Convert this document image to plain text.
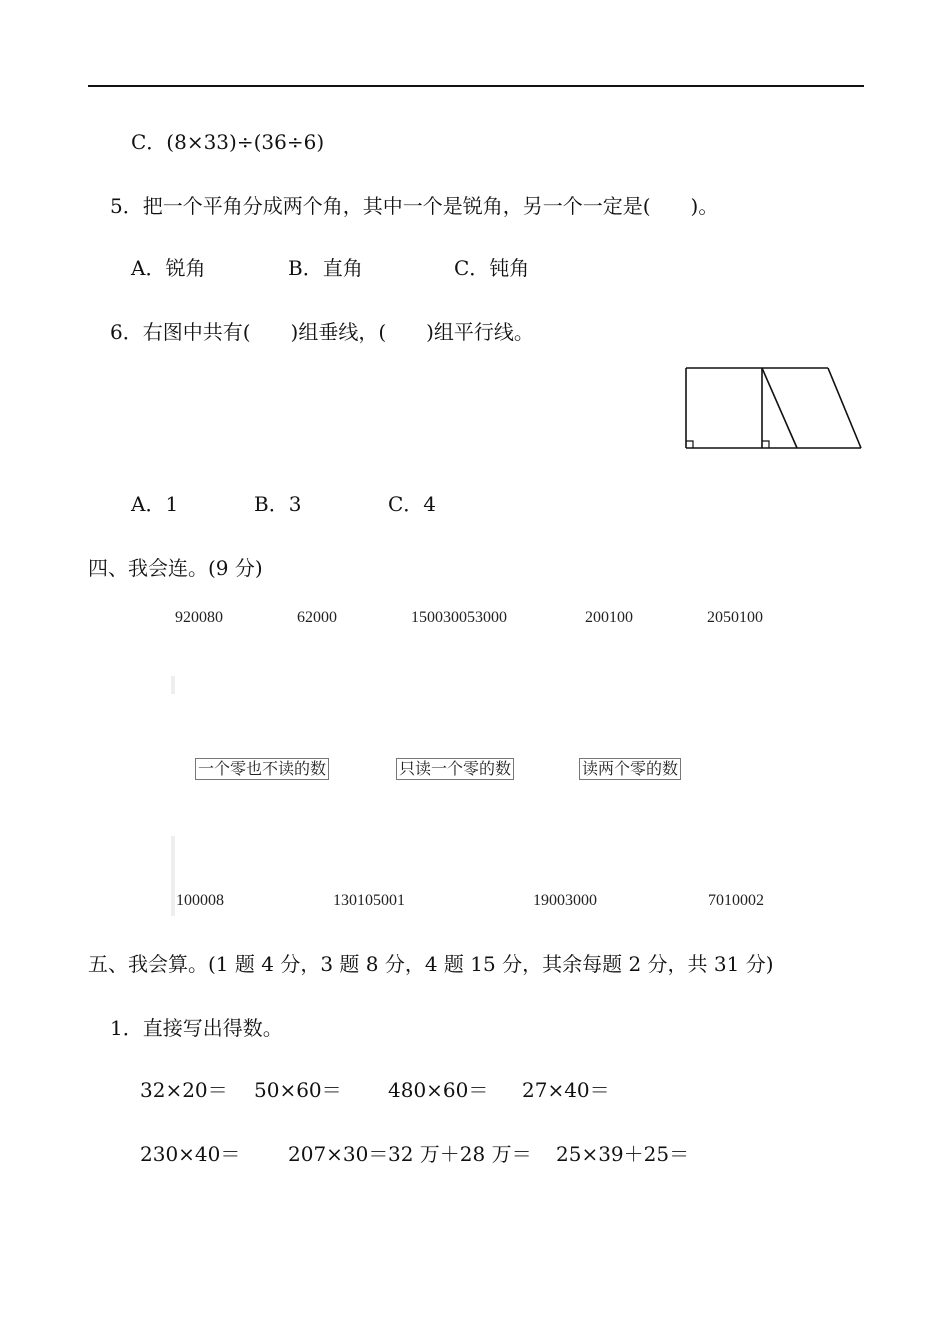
C．(8×33)÷(36÷6)
5．把一个平角分成两个角，其中一个是锐角，另一个一定是(　　)。
A．锐角	B．直角	C．钝角
6．右图中共有(　　)组垂线，(　　)组平行线。
A．1	B．3	C．4
四、我会连。(9 分)
920080	62000	150030053000	200100	2050100
一个零也不读的数	只读一个零的数	读两个零的数
100008	130105001	19003000	7010002
五、我会算。(1 题 4 分，3 题 8 分，4 题 15 分，其余每题 2 分，共 31 分)
1．直接写出得数。
32×20＝ 50×60＝ 480×60＝ 27×40＝
230×40＝ 207×30＝ 32 万＋28 万＝ 25×39＋25＝
